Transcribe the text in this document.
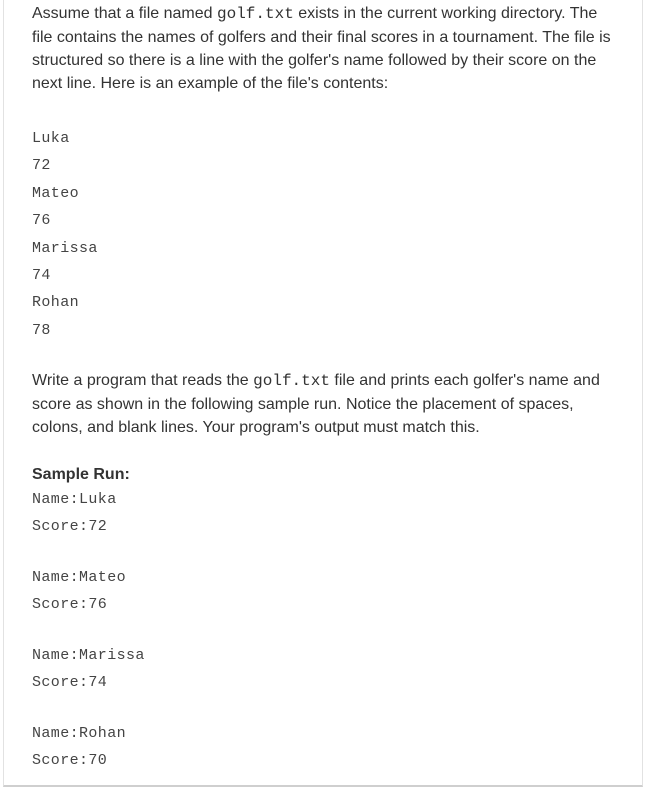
Assume that a file named golf.txt exists in the current working directory. The file contains the names of golfers and their final scores in a tournament. The file is structured so there is a line with the golfer's name followed by their score on the next line. Here is an example of the file's contents:

Luka
72
Mateo
76
Marissa
74
Rohan
78

Write a program that reads the golf.txt file and prints each golfer's name and score as shown in the following sample run. Notice the placement of spaces, colons, and blank lines. Your program's output must match this.

Sample Run:
Name:Luka
Score:72
Name:Mateo
Score:76
Name:Marissa
Score:74
Name:Rohan
Score:70
